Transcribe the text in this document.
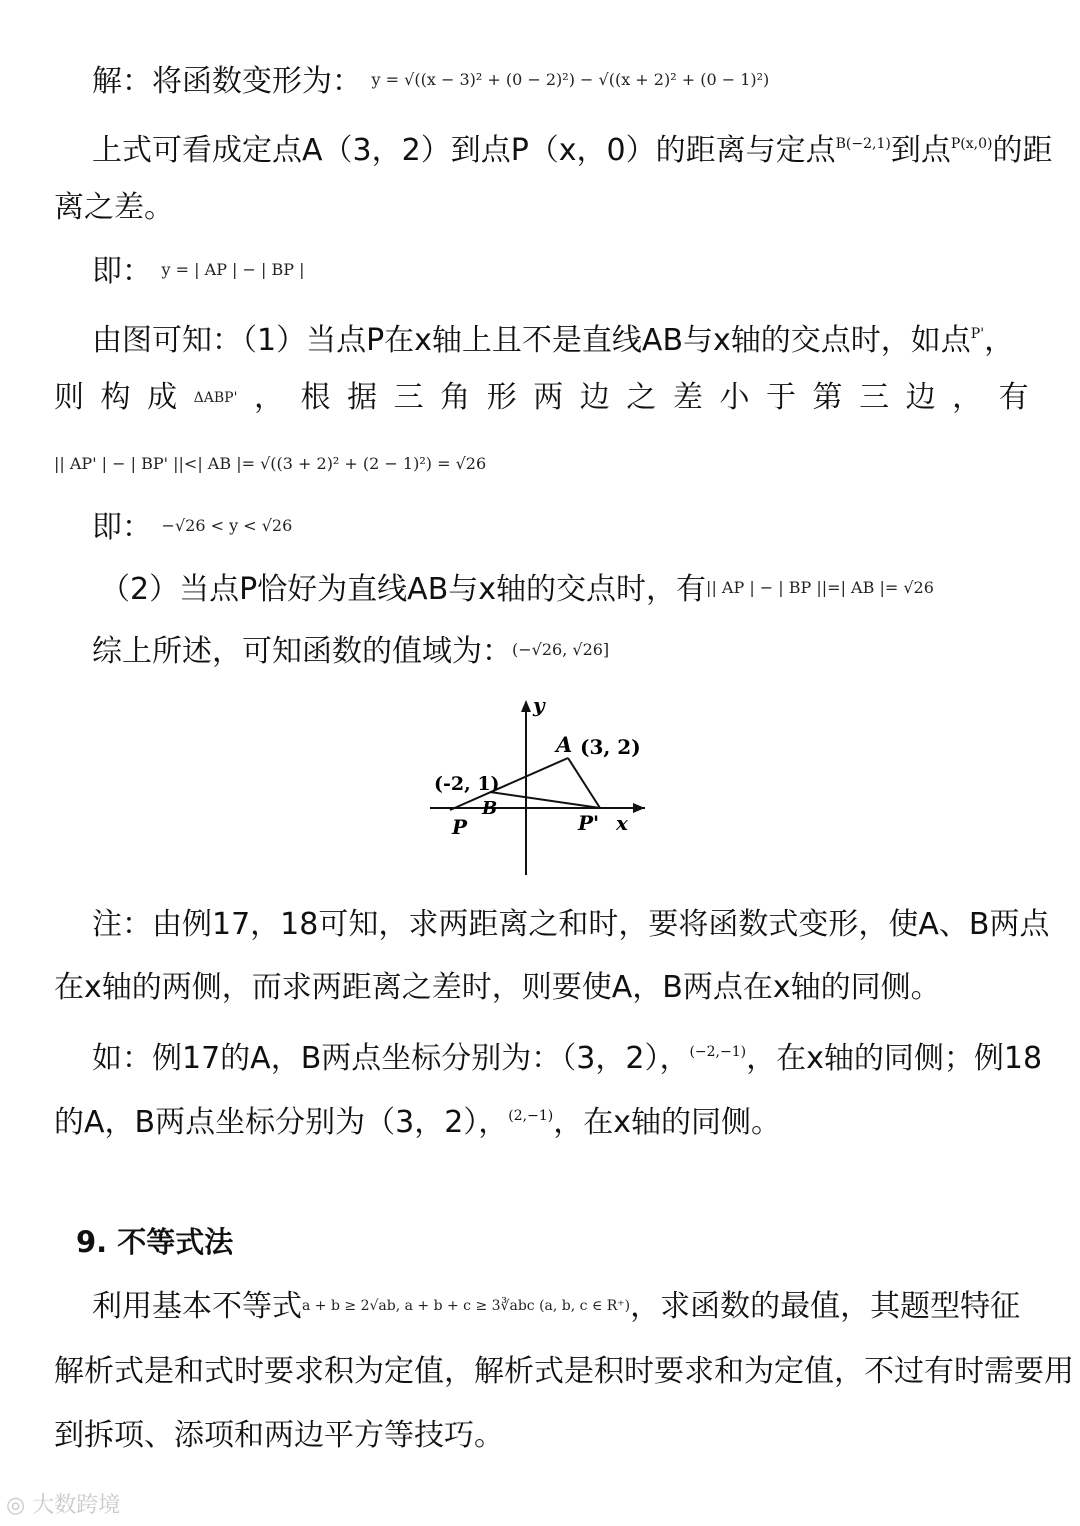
解：将函数变形为： $^{y = √((x - 3)^2 + (0 - 2)^2) - √((x + 2)^2 + (0 - 1)^2)}$
上式可看成定点A（3，2）到点P（x，0）的距离与定点$^{B(-2,1)}$到点$^{P(x,0)}$的距
离之差。
即： $^{y = | AP | - | BP |}$
由图可知：（1）当点P在x轴上且不是直线AB与x轴的交点时，如点$^{P'}$，
则 构 成 ΔABP' ， 根 据 三 角 形 两 边 之 差 小 于 第 三 边 ， 有
|| AP' | − | BP' ||<| AB |= √((3 + 2)² + (2 − 1)²) = √26
即： $^{-√26 < y < √26}$
（2）当点P恰好为直线AB与x轴的交点时，有$^{|| AP | - | BP ||=| AB |= √26}$
综上所述，可知函数的值域为：$^{(-√26, √26]}$
y
x
A (3, 2)
(-2, 1)
B
P	P'
注：由例17，18可知，求两距离之和时，要将函数式变形，使A、B两点
在x轴的两侧，而求两距离之差时，则要使A，B两点在x轴的同侧。
如：例17的A，B两点坐标分别为：（3，2），$^{(-2,-1)}$，在x轴的同侧；例18
的A，B两点坐标分别为（3，2），$^{(2,-1)}$，在x轴的同侧。
9. 不等式法
利用基本不等式$^{a + b \ge 2√ab, a + b + c \ge 3∛abc (a, b, c \in R^+)}$，求函数的最值，其题型特征
解析式是和式时要求积为定值，解析式是积时要求和为定值，不过有时需要用
到拆项、添项和两边平方等技巧。
◎ 大数跨境
